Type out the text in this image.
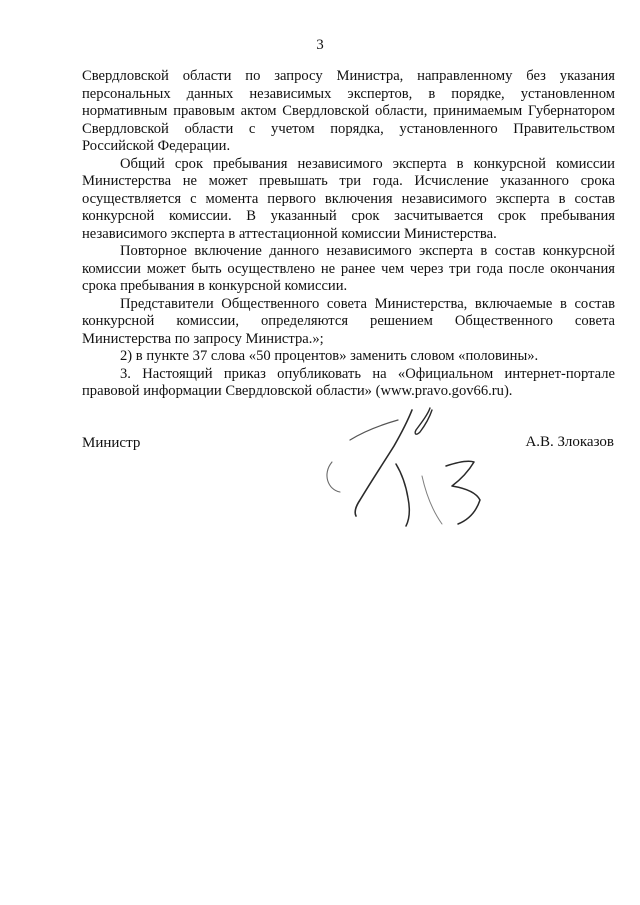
3

Свердловской области по запросу Министра, направленному без указания персональных данных независимых экспертов, в порядке, установленном нормативным правовым актом Свердловской области, принимаемым Губернатором Свердловской области с учетом порядка, установленного Правительством Российской Федерации.

Общий срок пребывания независимого эксперта в конкурсной комиссии Министерства не может превышать три года. Исчисление указанного срока осуществляется с момента первого включения независимого эксперта в состав конкурсной комиссии. В указанный срок засчитывается срок пребывания независимого эксперта в аттестационной комиссии Министерства.

Повторное включение данного независимого эксперта в состав конкурсной комиссии может быть осуществлено не ранее чем через три года после окончания срока пребывания в конкурсной комиссии.

Представители Общественного совета Министерства, включаемые в состав конкурсной комиссии, определяются решением Общественного совета Министерства по запросу Министра.»;

2) в пункте 37 слова «50 процентов» заменить словом «половины».

3. Настоящий приказ опубликовать на «Официальном интернет-портале правовой информации Свердловской области» (www.pravo.gov66.ru).

Министр	А.В. Злоказов
